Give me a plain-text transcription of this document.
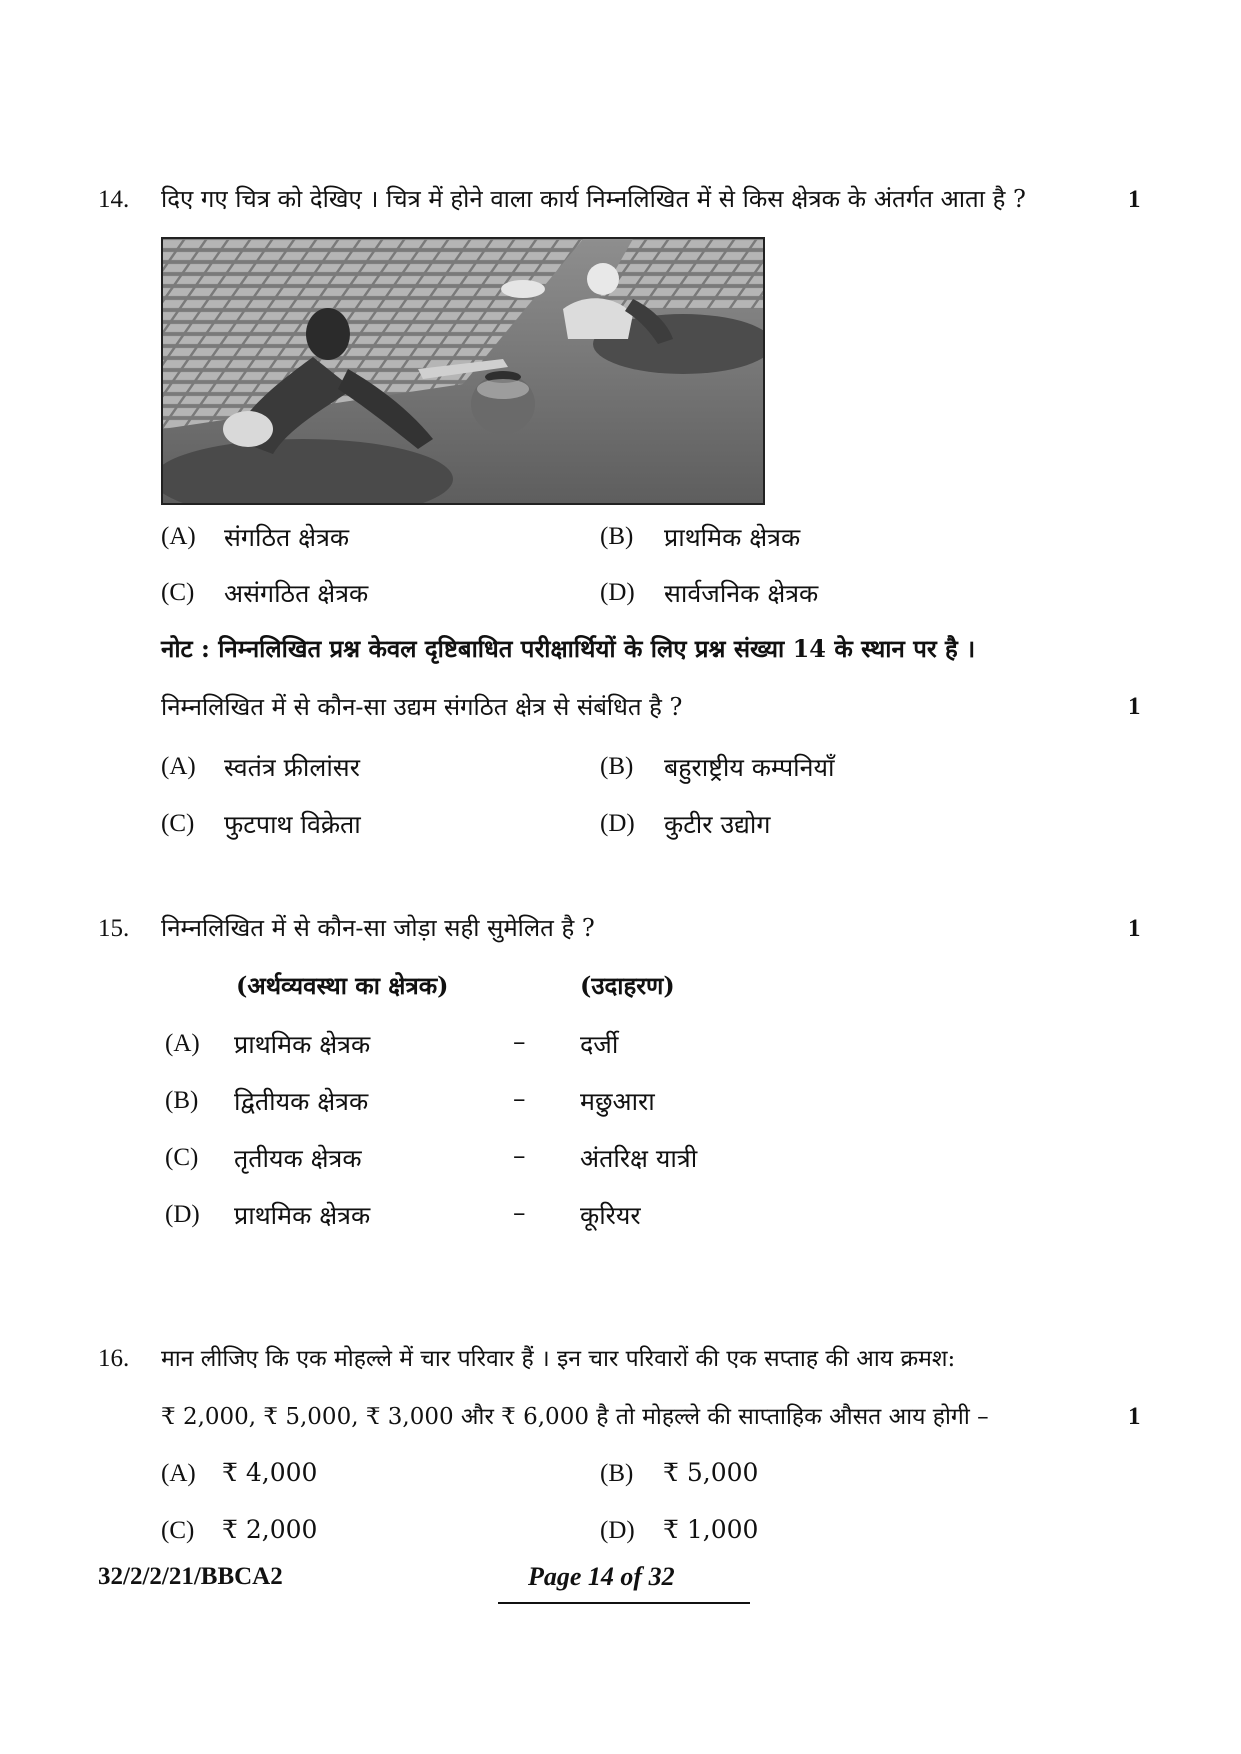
14. दिए गए चित्र को देखिए । चित्र में होने वाला कार्य निम्नलिखित में से किस क्षेत्रक के अंतर्गत आता है ?	1
(A) संगठित क्षेत्रक	(B) प्राथमिक क्षेत्रक
(C) असंगठित क्षेत्रक	(D) सार्वजनिक क्षेत्रक
नोट : निम्नलिखित प्रश्न केवल दृष्टिबाधित परीक्षार्थियों के लिए प्रश्न संख्या 14 के स्थान पर है ।
निम्नलिखित में से कौन-सा उद्यम संगठित क्षेत्र से संबंधित है ?	1
(A) स्वतंत्र फ्रीलांसर	(B) बहुराष्ट्रीय कम्पनियाँ
(C) फुटपाथ विक्रेता	(D) कुटीर उद्योग
15. निम्नलिखित में से कौन-सा जोड़ा सही सुमेलित है ?	1
(अर्थव्यवस्था का क्षेत्रक)	(उदाहरण)
(A) प्राथमिक क्षेत्रक	– दर्जी
(B) द्वितीयक क्षेत्रक	– मछुआरा
(C) तृतीयक क्षेत्रक	– अंतरिक्ष यात्री
(D) प्राथमिक क्षेत्रक	– कूरियर
16. मान लीजिए कि एक मोहल्ले में चार परिवार हैं । इन चार परिवारों की एक सप्ताह की आय क्रमश:
₹ 2,000, ₹ 5,000, ₹ 3,000 और ₹ 6,000 है तो मोहल्ले की साप्ताहिक औसत आय होगी –	1
(A) ₹ 4,000	(B) ₹ 5,000
(C) ₹ 2,000	(D) ₹ 1,000
32/2/2/21/BBCA2	Page 14 of 32
